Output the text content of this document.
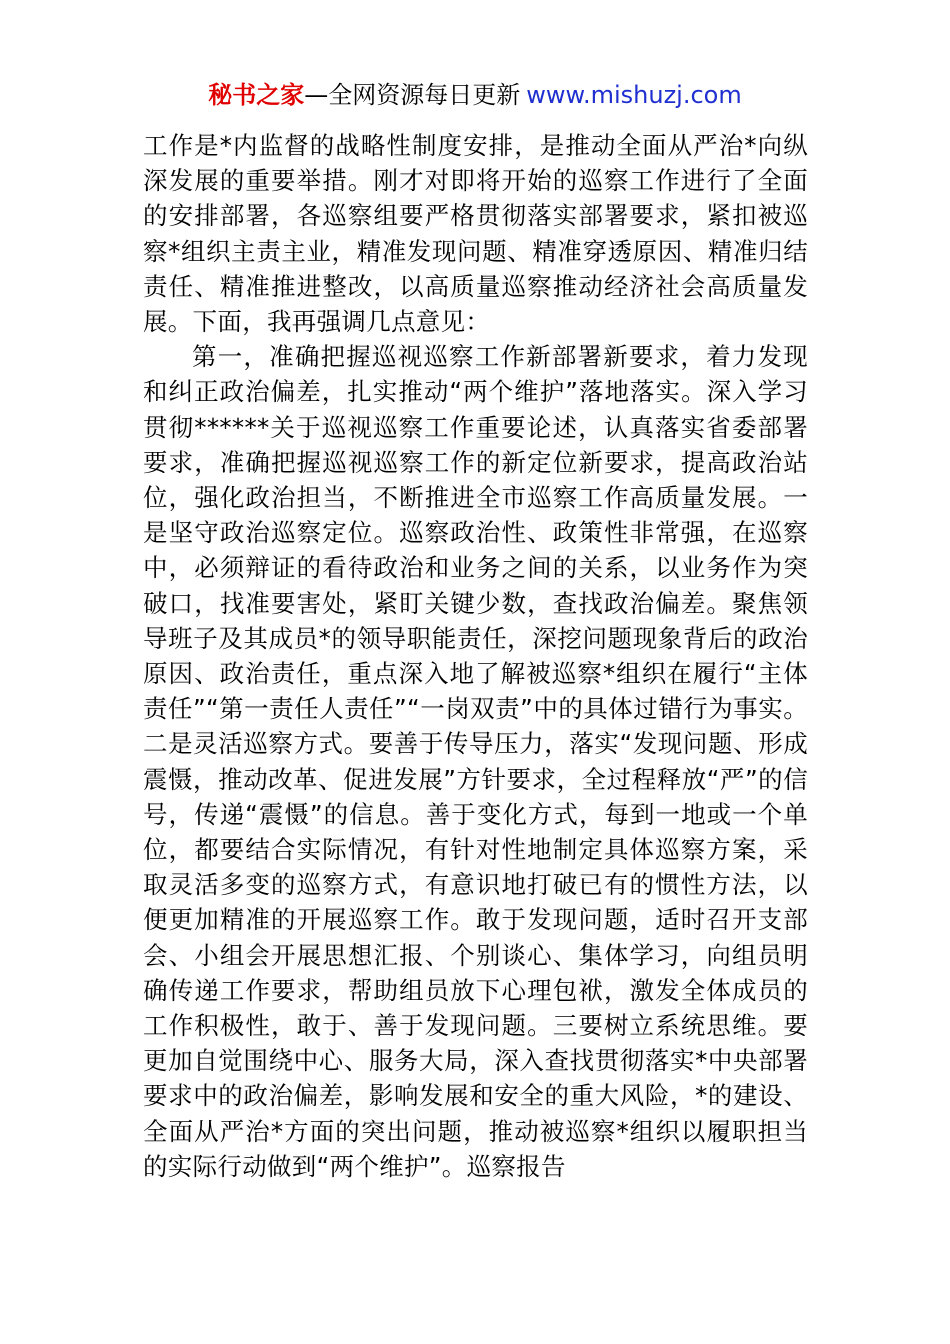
秘书之家—全网资源每日更新 www.mishuzj.com

工作是*内监督的战略性制度安排，是推动全面从严治*向纵深发展的重要举措。刚才对即将开始的巡察工作进行了全面的安排部署，各巡察组要严格贯彻落实部署要求，紧扣被巡察*组织主责主业，精准发现问题、精准穿透原因、精准归结责任、精准推进整改，以高质量巡察推动经济社会高质量发展。下面，我再强调几点意见：

第一，准确把握巡视巡察工作新部署新要求，着力发现和纠正政治偏差，扎实推动“两个维护”落地落实。深入学习贯彻******关于巡视巡察工作重要论述，认真落实省委部署要求，准确把握巡视巡察工作的新定位新要求，提高政治站位，强化政治担当，不断推进全市巡察工作高质量发展。一是坚守政治巡察定位。巡察政治性、政策性非常强，在巡察中，必须辩证的看待政治和业务之间的关系，以业务作为突破口，找准要害处，紧盯关键少数，查找政治偏差。聚焦领导班子及其成员*的领导职能责任，深挖问题现象背后的政治原因、政治责任，重点深入地了解被巡察*组织在履行“主体责任”“第一责任人责任”“一岗双责”中的具体过错行为事实。二是灵活巡察方式。要善于传导压力，落实“发现问题、形成震慑，推动改革、促进发展”方针要求，全过程释放“严”的信号，传递“震慑”的信息。善于变化方式，每到一地或一个单位，都要结合实际情况，有针对性地制定具体巡察方案，采取灵活多变的巡察方式，有意识地打破已有的惯性方法，以便更加精准的开展巡察工作。敢于发现问题，适时召开支部会、小组会开展思想汇报、个别谈心、集体学习，向组员明确传递工作要求，帮助组员放下心理包袱，激发全体成员的工作积极性，敢于、善于发现问题。三要树立系统思维。要更加自觉围绕中心、服务大局，深入查找贯彻落实*中央部署要求中的政治偏差，影响发展和安全的重大风险，*的建设、全面从严治*方面的突出问题，推动被巡察*组织以履职担当的实际行动做到“两个维护”。巡察报告
